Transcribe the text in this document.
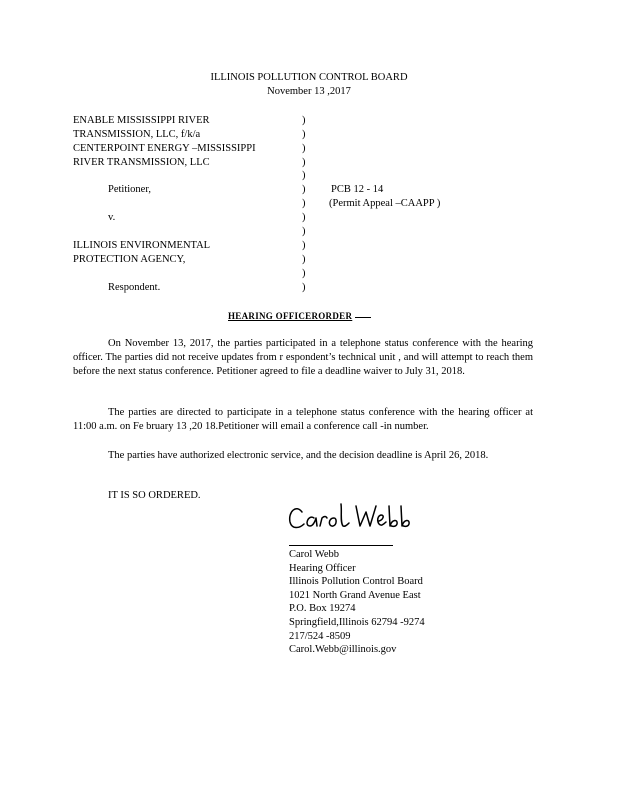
ILLINOIS POLLUTION CONTROL BOARD
November 13 ,2017
ENABLE MISSISSIPPI RIVER
TRANSMISSION, LLC, f/k/a
CENTERPOINT ENERGY –MISSISSIPPI
RIVER TRANSMISSION, LLC
Petitioner,
v.
ILLINOIS ENVIRONMENTAL
PROTECTION AGENCY,
Respondent.
)
)
)
)
)
)
)
)
)
)
)
)
)
PCB 12 - 14
(Permit Appeal –CAAPP )
HEARING OFFICERORDER
On November 13, 2017, the parties participated in a telephone status conference with the hearing officer. The parties did not receive updates from r espondent’s technical unit , and will attempt to reach them before the next status conference. Petitioner agreed to file a deadline waiver to July 31, 2018.
The parties are directed to participate in a telephone status conference with the hearing officer at 11:00 a.m. on Fe bruary 13 ,20 18.Petitioner will email a conference call -in number.
The parties have authorized electronic service, and the decision deadline is April 26, 2018.
IT IS SO ORDERED.
Carol Webb
Hearing Officer
Illinois Pollution Control Board
1021 North Grand Avenue East
P.O. Box 19274
Springfield,Illinois 62794 -9274
217/524 -8509
Carol.Webb@illinois.gov
